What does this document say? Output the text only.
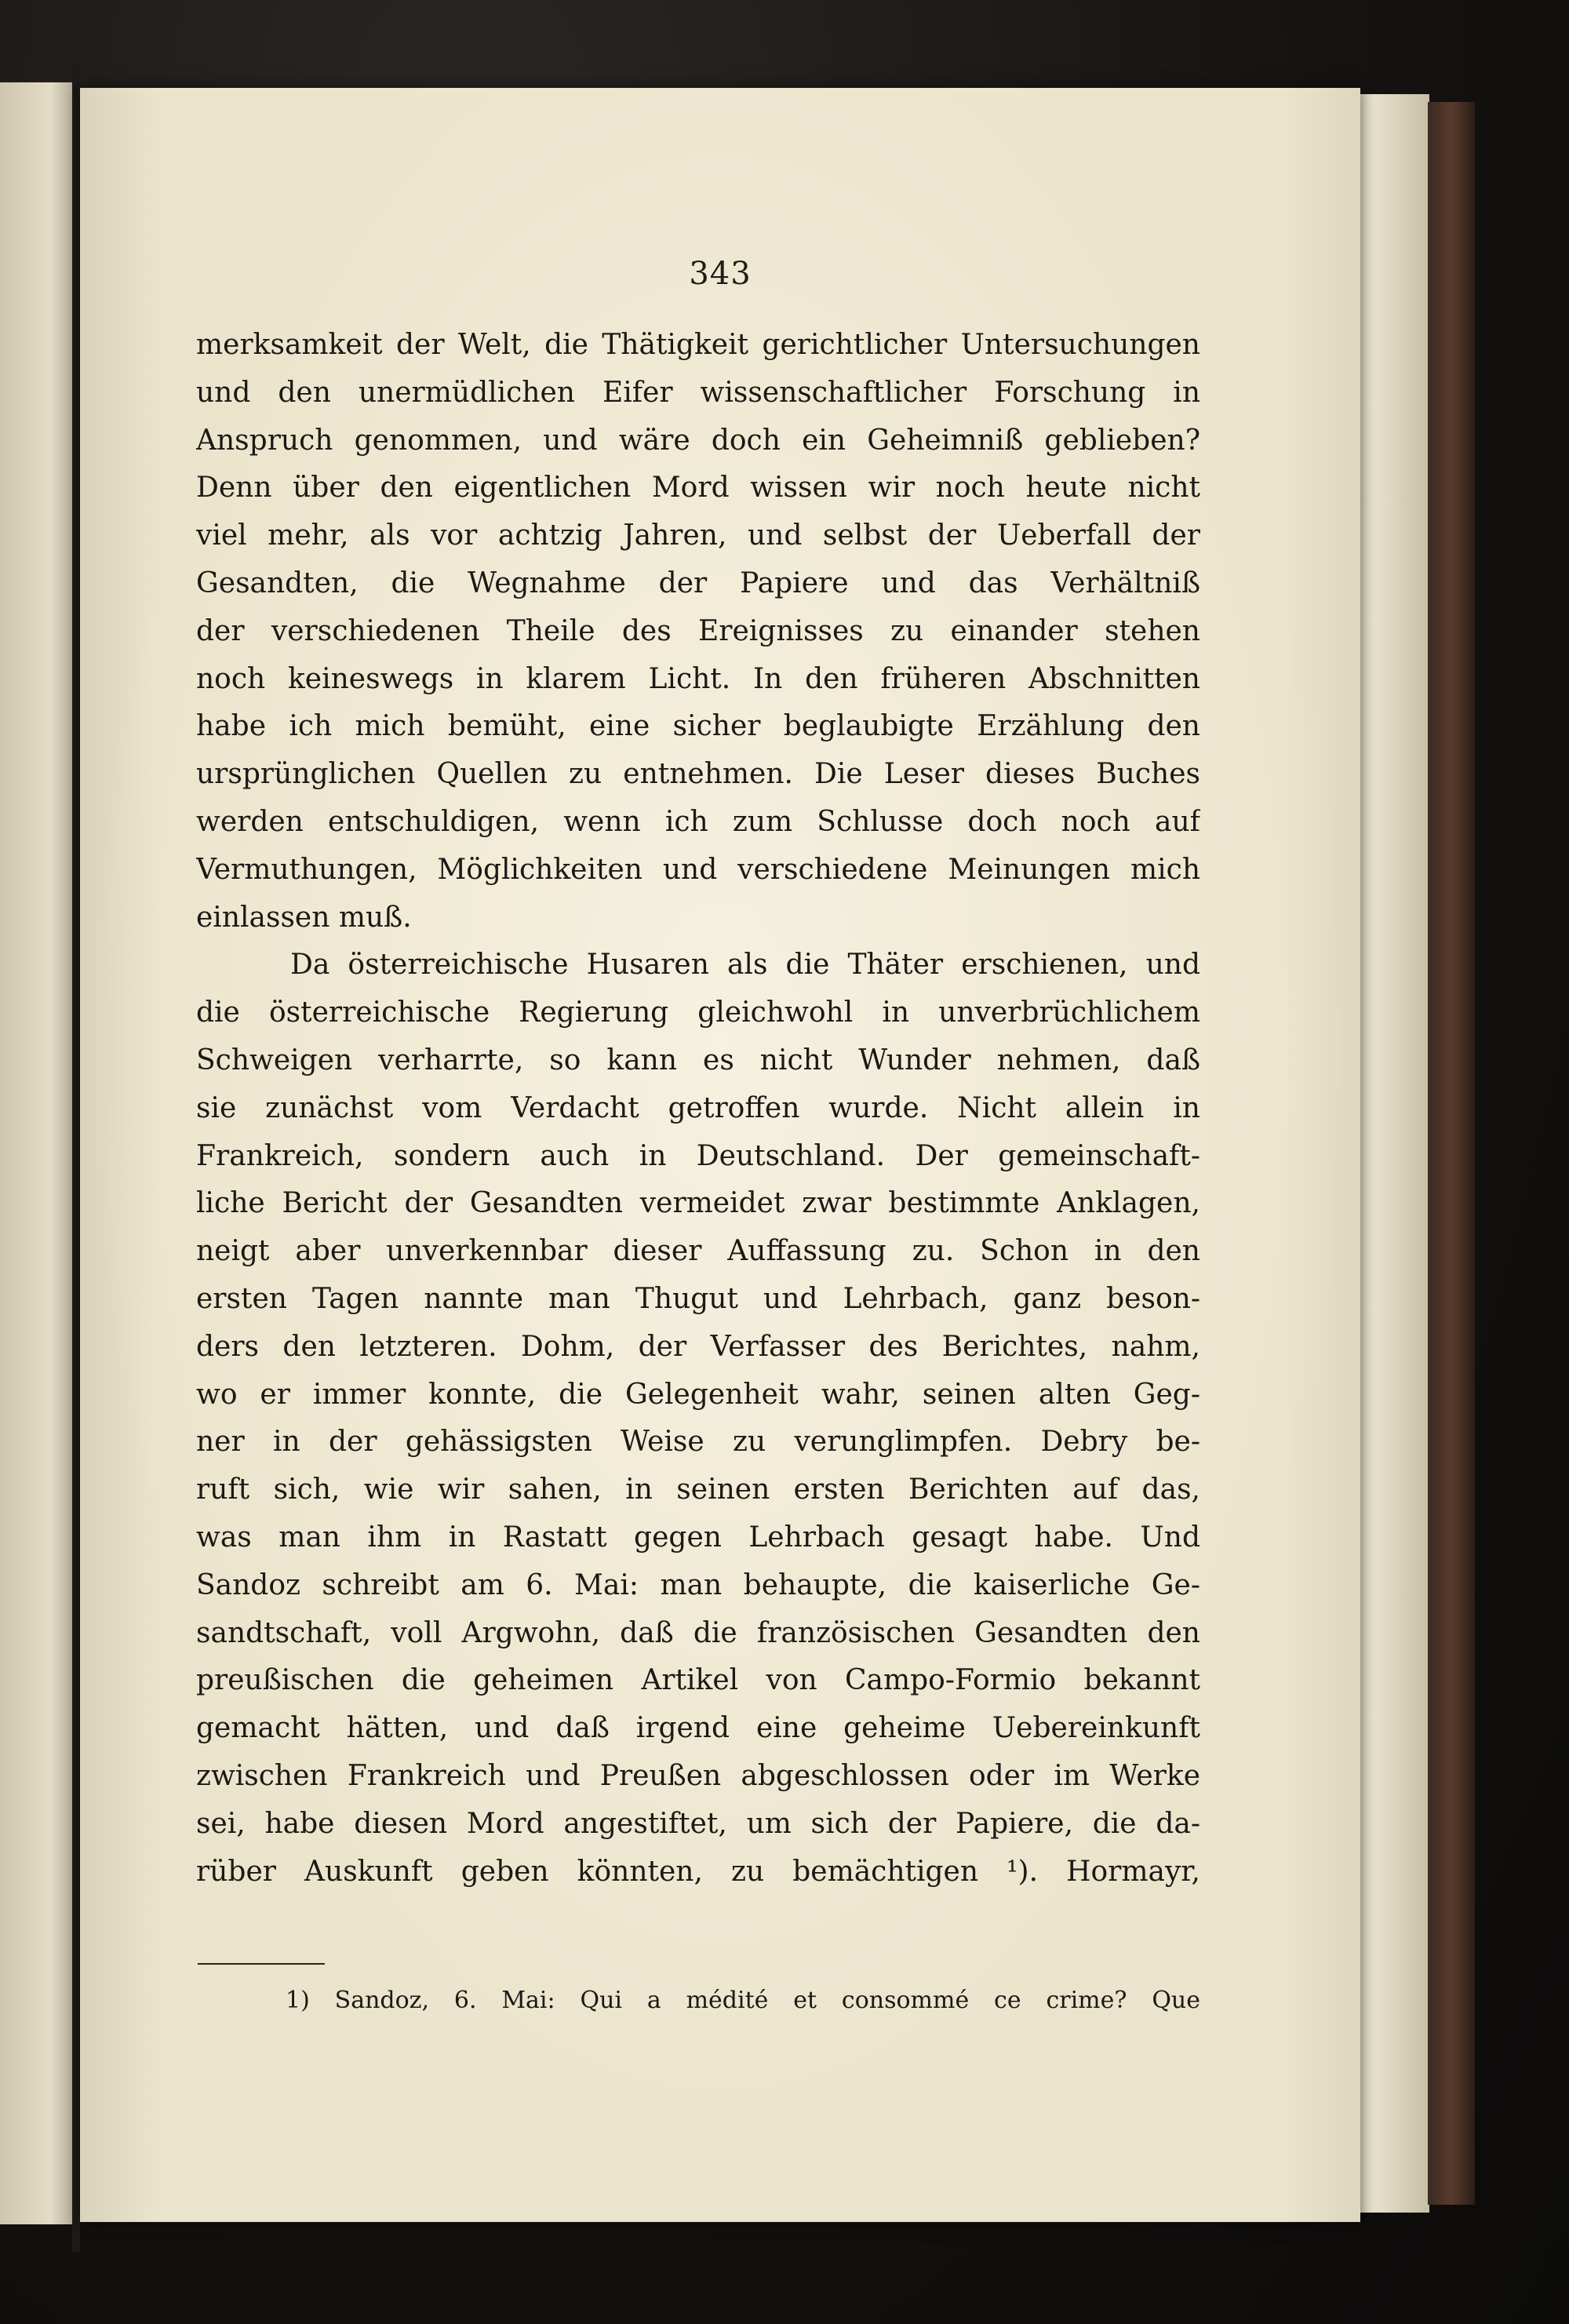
343
merksamkeit der Welt, die Thätigkeit gerichtlicher Untersuchungen
und den unermüdlichen Eifer wissenschaftlicher Forschung in
Anspruch genommen, und wäre doch ein Geheimniß geblieben?
Denn über den eigentlichen Mord wissen wir noch heute nicht
viel mehr, als vor achtzig Jahren, und selbst der Ueberfall der
Gesandten, die Wegnahme der Papiere und das Verhältniß
der verschiedenen Theile des Ereignisses zu einander stehen
noch keineswegs in klarem Licht. In den früheren Abschnitten
habe ich mich bemüht, eine sicher beglaubigte Erzählung den
ursprünglichen Quellen zu entnehmen. Die Leser dieses Buches
werden entschuldigen, wenn ich zum Schlusse doch noch auf
Vermuthungen, Möglichkeiten und verschiedene Meinungen mich
einlassen muß.
Da österreichische Husaren als die Thäter erschienen, und
die österreichische Regierung gleichwohl in unverbrüchlichem
Schweigen verharrte, so kann es nicht Wunder nehmen, daß
sie zunächst vom Verdacht getroffen wurde. Nicht allein in
Frankreich, sondern auch in Deutschland. Der gemeinschaft-
liche Bericht der Gesandten vermeidet zwar bestimmte Anklagen,
neigt aber unverkennbar dieser Auffassung zu. Schon in den
ersten Tagen nannte man Thugut und Lehrbach, ganz beson-
ders den letzteren. Dohm, der Verfasser des Berichtes, nahm,
wo er immer konnte, die Gelegenheit wahr, seinen alten Geg-
ner in der gehässigsten Weise zu verunglimpfen. Debry be-
ruft sich, wie wir sahen, in seinen ersten Berichten auf das,
was man ihm in Rastatt gegen Lehrbach gesagt habe. Und
Sandoz schreibt am 6. Mai: man behaupte, die kaiserliche Ge-
sandtschaft, voll Argwohn, daß die französischen Gesandten den
preußischen die geheimen Artikel von Campo-Formio bekannt
gemacht hätten, und daß irgend eine geheime Uebereinkunft
zwischen Frankreich und Preußen abgeschlossen oder im Werke
sei, habe diesen Mord angestiftet, um sich der Papiere, die da-
rüber Auskunft geben könnten, zu bemächtigen ¹). Hormayr,
1) Sandoz, 6. Mai: Qui a médité et consommé ce crime? Que
